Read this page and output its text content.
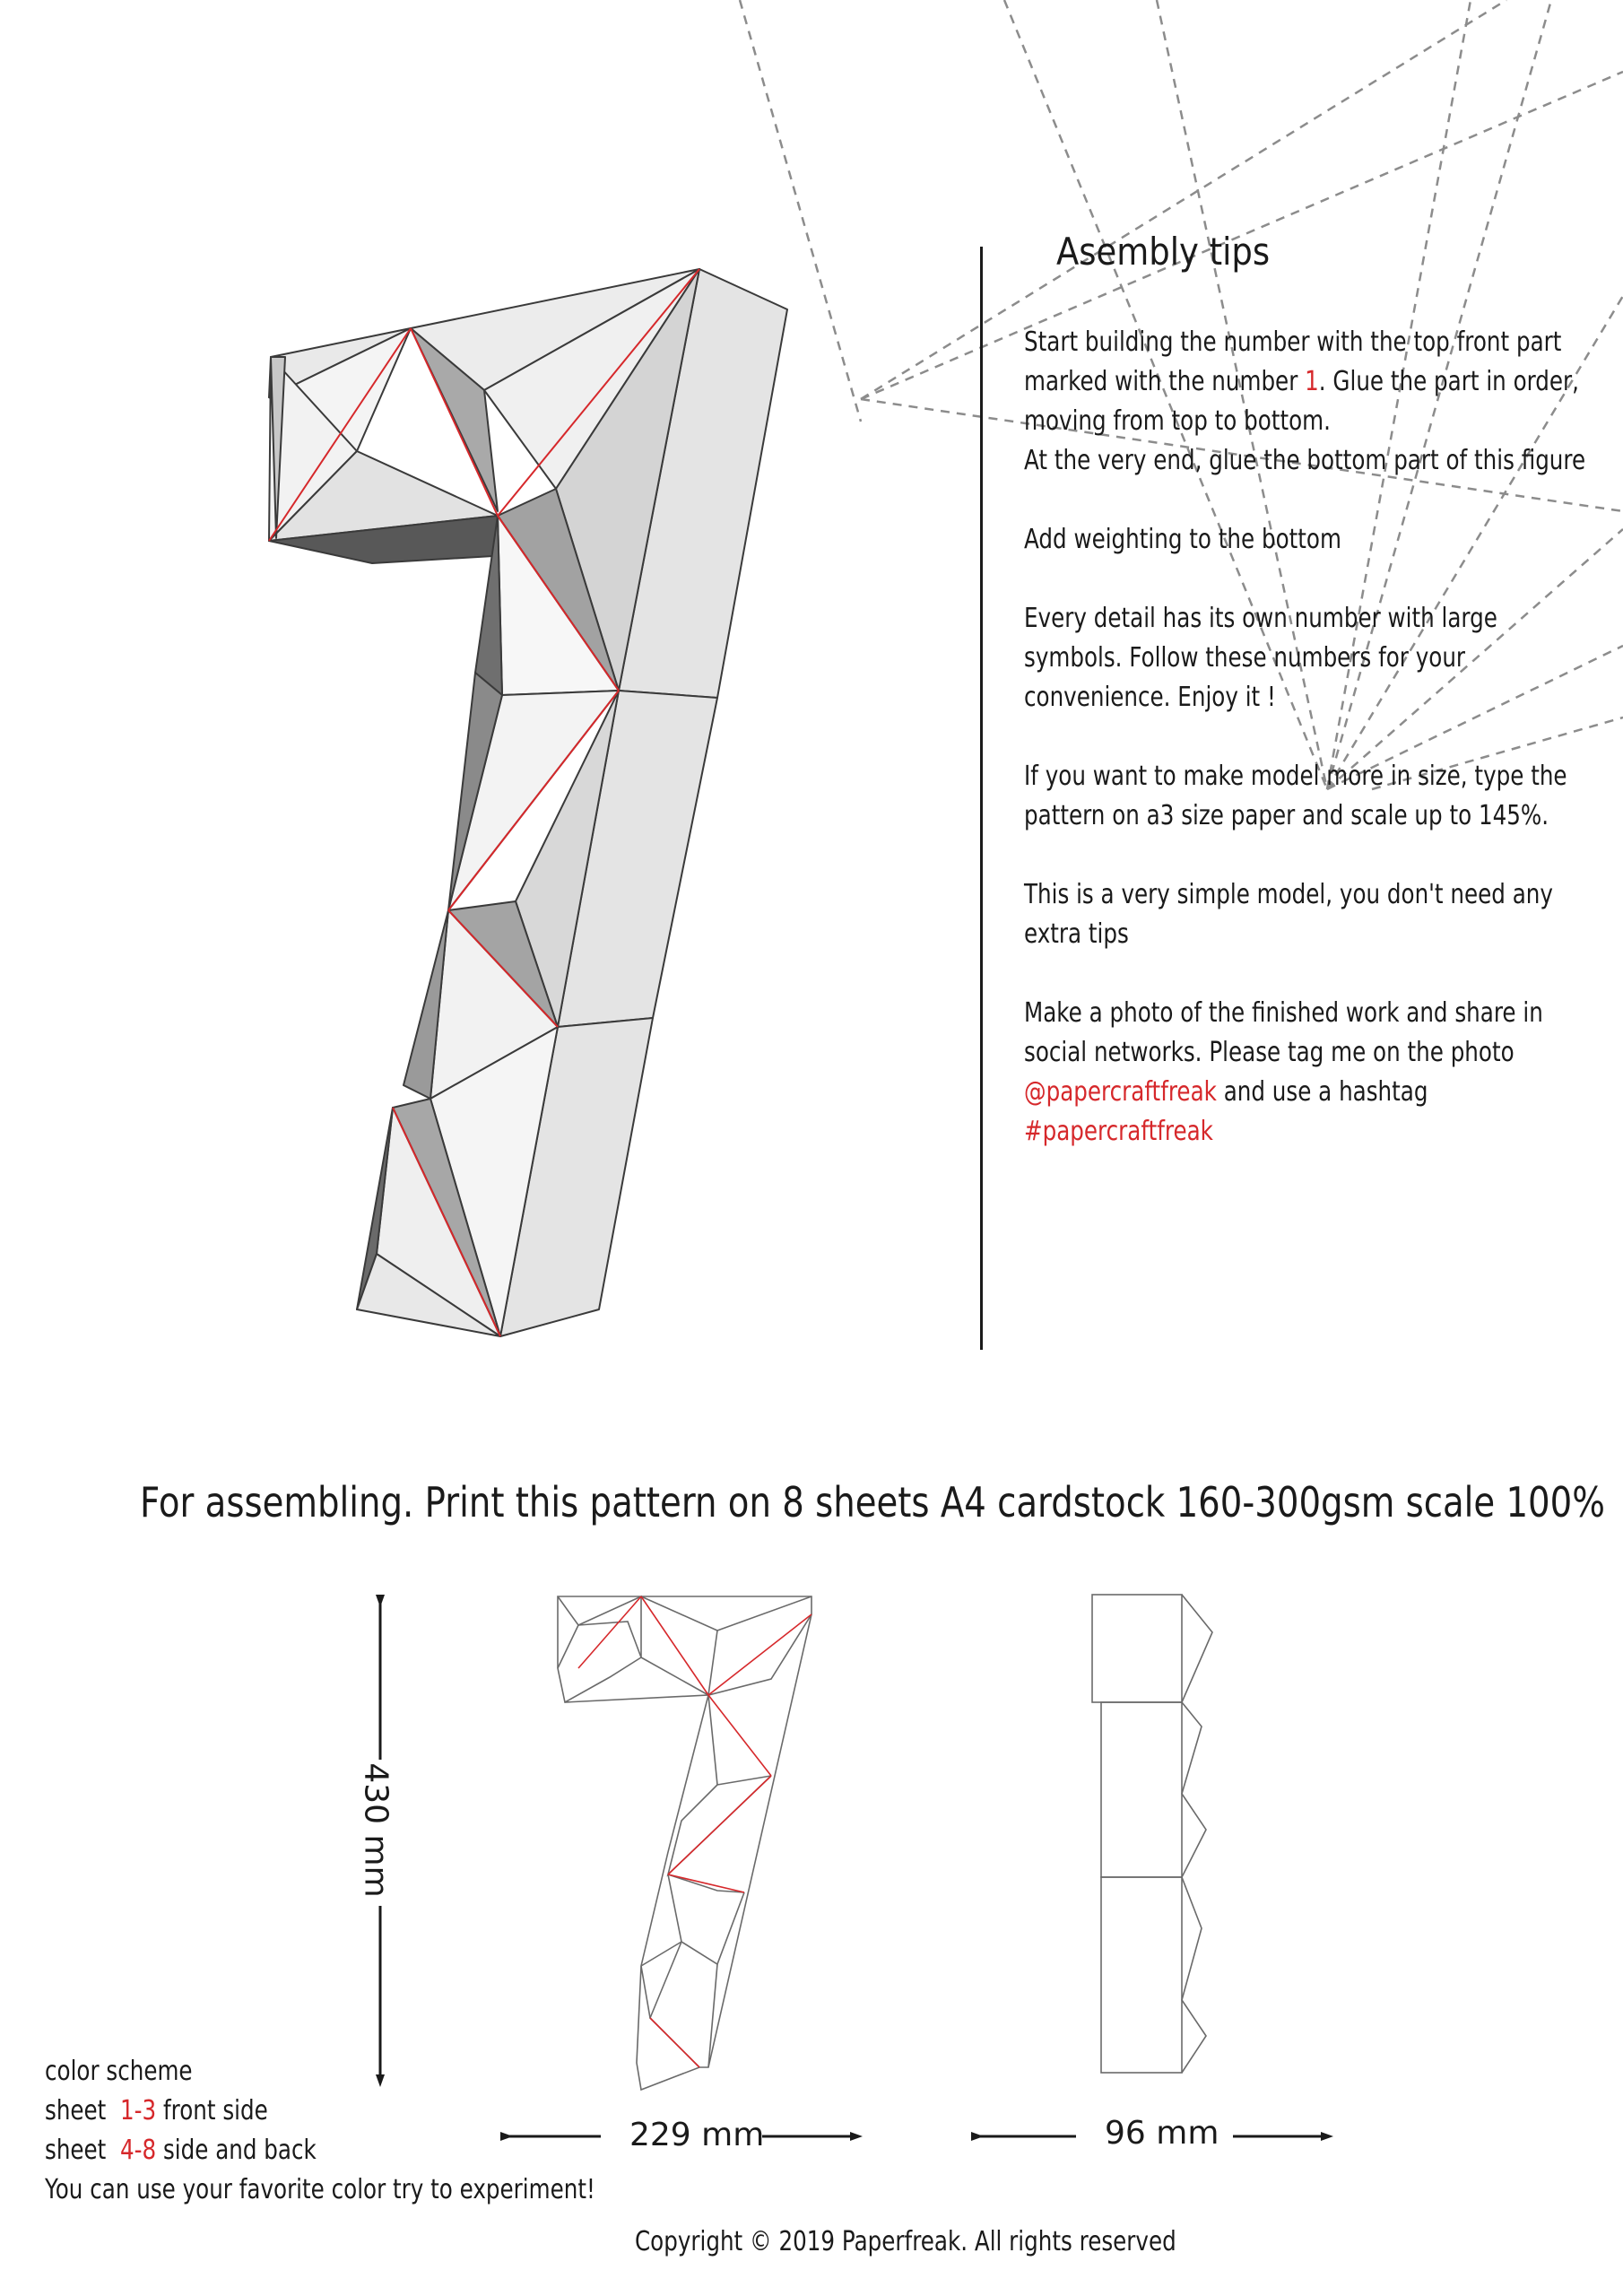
Asembly tips

Start building the number with the top front part marked with the number 1. Glue the part in order, moving from top to bottom.
At the very end, glue the bottom part of this figure

Add weighting to the bottom

Every detail has its own number with large symbols. Follow these numbers for your convenience. Enjoy it !

If you want to make model more in size, type the pattern on a3 size paper and scale up to 145%.

This is a very simple model, you don't need any extra tips

Make a photo of the finished work and share in social networks. Please tag me on the photo
@papercraftfreak and use a hashtag
#papercraftfreak

For assembling. Print this pattern on 8 sheets A4 cardstock 160-300gsm scale 100%
430 mm
229 mm	96 mm
color scheme
sheet 1-3 front side
sheet 4-8 side and back
You can use your favorite color try to experiment!
Copyright © 2019 Paperfreak. All rights reserved
